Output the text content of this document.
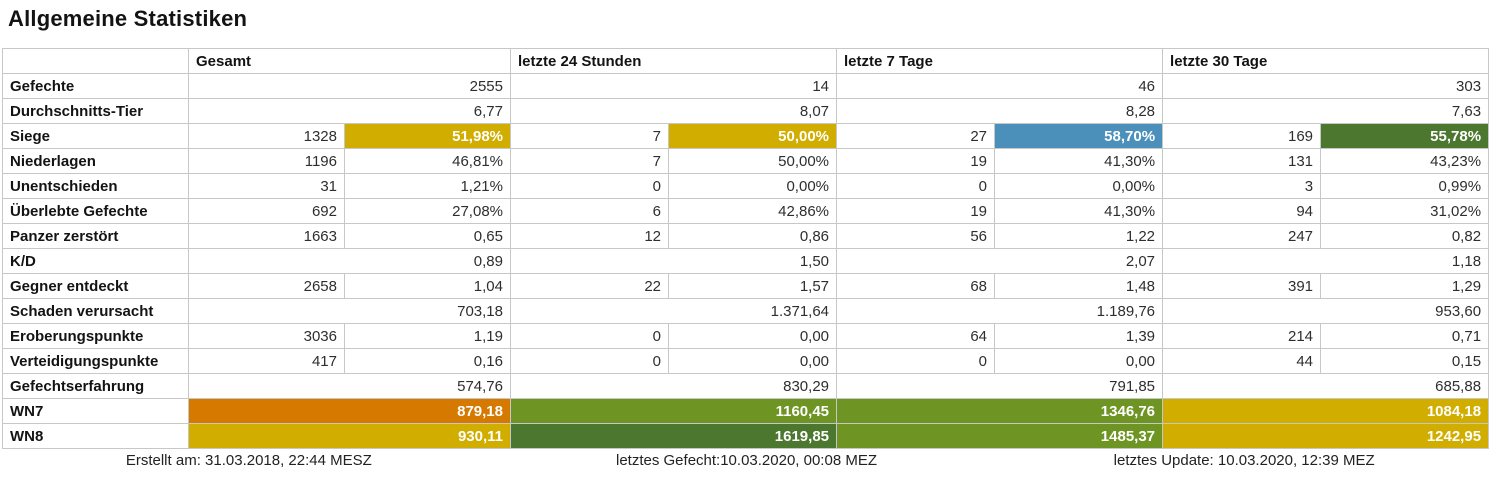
Allgemeine Statistiken
	Gesamt		letzte 24 Stunden		letzte 7 Tage		letzte 30 Tage	
Gefechte	2555		14		46		303	
Durchschnitts-Tier	6,77		8,07		8,28		7,63	
Siege	1328	51,98%	7	50,00%	27	58,70%	169	55,78%
Niederlagen	1196	46,81%	7	50,00%	19	41,30%	131	43,23%
Unentschieden	31	1,21%	0	0,00%	0	0,00%	3	0,99%
Überlebte Gefechte	692	27,08%	6	42,86%	19	41,30%	94	31,02%
Panzer zerstört	1663	0,65	12	0,86	56	1,22	247	0,82
K/D	0,89		1,50		2,07		1,18	
Gegner entdeckt	2658	1,04	22	1,57	68	1,48	391	1,29
Schaden verursacht	703,18		1.371,64		1.189,76		953,60	
Eroberungspunkte	3036	1,19	0	0,00	64	1,39	214	0,71
Verteidigungspunkte	417	0,16	0	0,00	0	0,00	44	0,15
Gefechtserfahrung	574,76		830,29		791,85		685,88	
WN7	879,18		1160,45		1346,76		1084,18	
WN8	930,11		1619,85		1485,37		1242,95	
Erstellt am: 31.03.2018, 22:44 MESZ	letztes Gefecht:10.03.2020, 00:08 MEZ	letztes Update: 10.03.2020, 12:39 MEZ
